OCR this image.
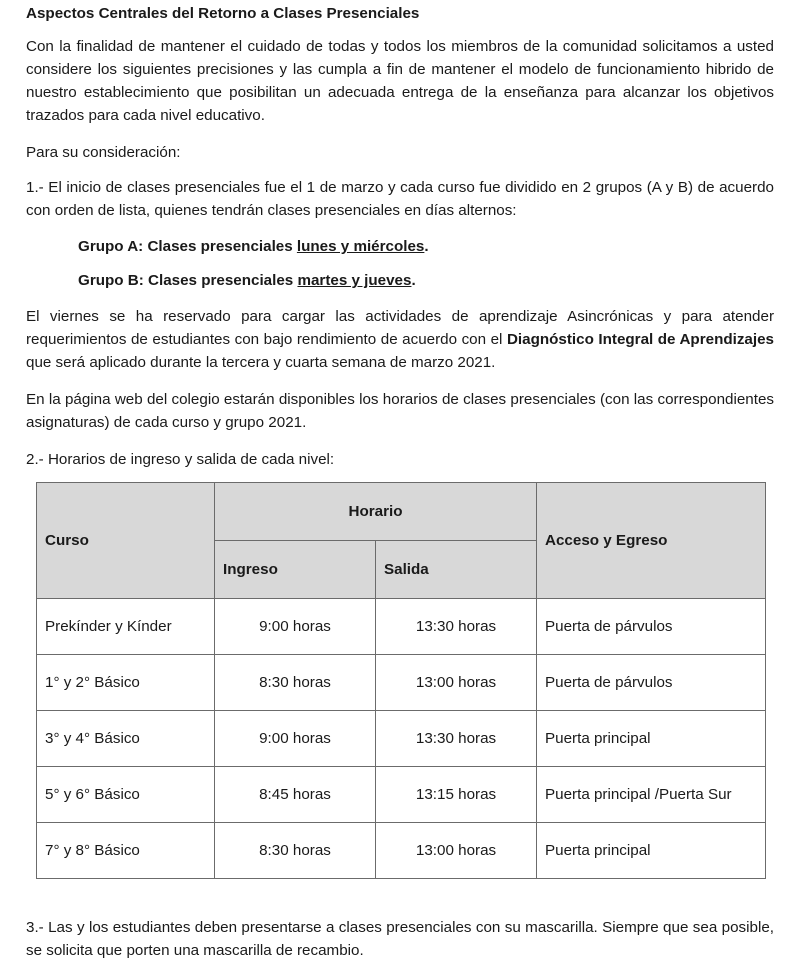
Aspectos Centrales del Retorno a Clases Presenciales

Con la finalidad de mantener el cuidado de todas y todos los miembros de la comunidad solicitamos a usted considere los siguientes precisiones y las cumpla a fin de mantener el modelo de funcionamiento hibrido de nuestro establecimiento que posibilitan un adecuada entrega de la enseñanza para alcanzar los objetivos trazados para cada nivel educativo.

Para su consideración:

1.- El inicio de clases presenciales fue el 1 de marzo y cada curso fue dividido en 2 grupos (A y B) de acuerdo con orden de lista, quienes tendrán clases presenciales en días alternos:

Grupo A: Clases presenciales lunes y miércoles.

Grupo B: Clases presenciales martes y jueves.

El viernes se ha reservado para cargar las actividades de aprendizaje Asincrónicas y para atender requerimientos de estudiantes con bajo rendimiento de acuerdo con el Diagnóstico Integral de Aprendizajes que será aplicado durante la tercera y cuarta semana de marzo 2021.

En la página web del colegio estarán disponibles los horarios de clases presenciales (con las correspondientes asignaturas) de cada curso y grupo 2021.

2.- Horarios de ingreso y salida de cada nivel:

Curso	Horario		Acceso y Egreso
	Ingreso	Salida	
Prekínder y Kínder	9:00 horas	13:30 horas	Puerta de párvulos
1° y 2° Básico	8:30 horas	13:00 horas	Puerta de párvulos
3° y 4° Básico	9:00 horas	13:30 horas	Puerta principal
5° y 6° Básico	8:45 horas	13:15 horas	Puerta principal /Puerta Sur
7° y 8° Básico	8:30 horas	13:00 horas	Puerta principal

3.- Las y los estudiantes deben presentarse a clases presenciales con su mascarilla. Siempre que sea posible, se solicita que porten una mascarilla de recambio.
